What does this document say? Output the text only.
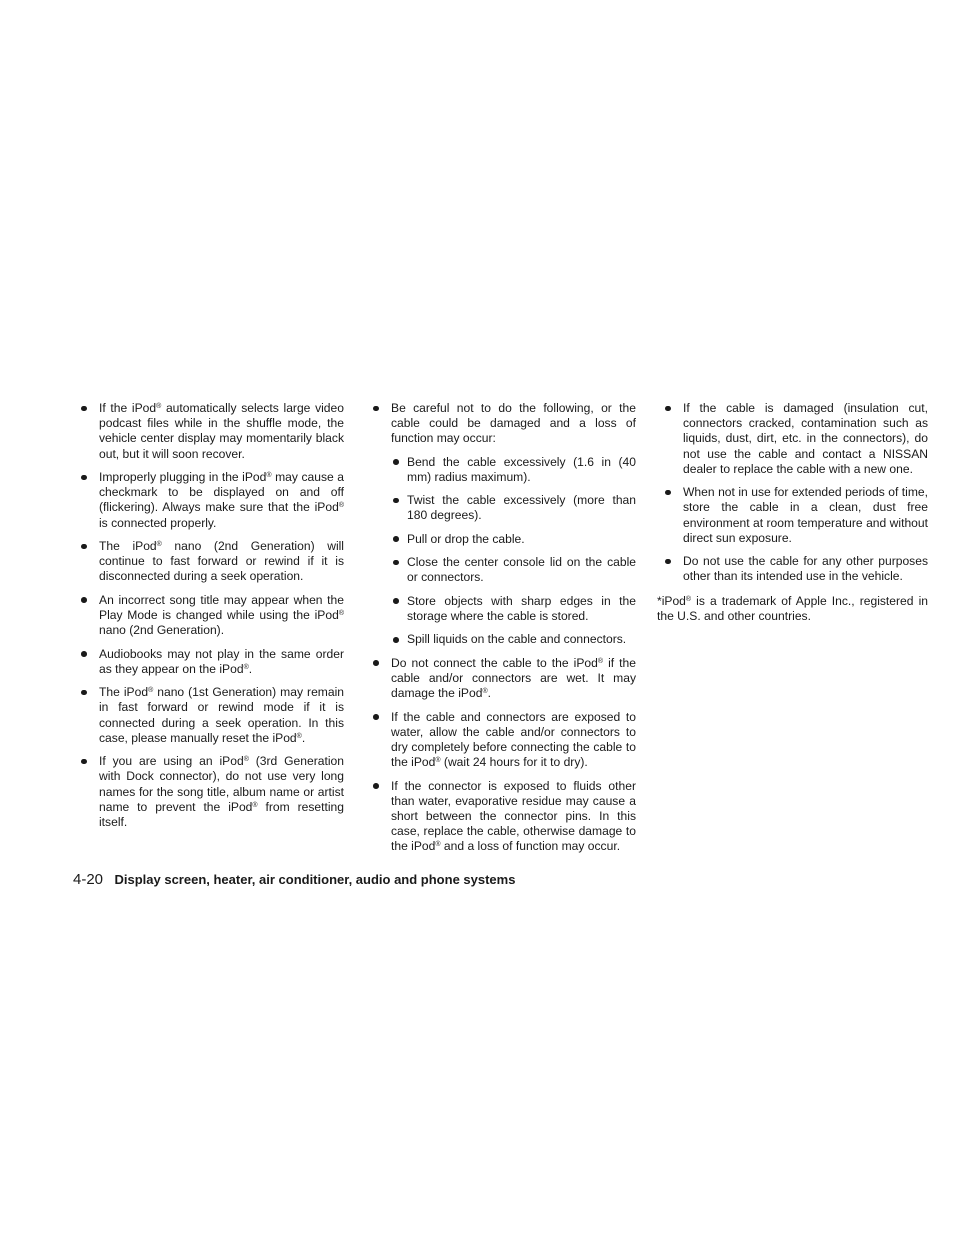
If the iPod® automatically selects large video podcast files while in the shuffle mode, the vehicle center display may momentarily black out, but it will soon recover.
Improperly plugging in the iPod® may cause a checkmark to be displayed on and off (flickering). Always make sure that the iPod® is connected properly.
The iPod® nano (2nd Generation) will continue to fast forward or rewind if it is disconnected during a seek operation.
An incorrect song title may appear when the Play Mode is changed while using the iPod® nano (2nd Generation).
Audiobooks may not play in the same order as they appear on the iPod®.
The iPod® nano (1st Generation) may remain in fast forward or rewind mode if it is connected during a seek operation. In this case, please manually reset the iPod®.
If you are using an iPod® (3rd Generation with Dock connector), do not use very long names for the song title, album name or artist name to prevent the iPod® from resetting itself.
Be careful not to do the following, or the cable could be damaged and a loss of function may occur:
Bend the cable excessively (1.6 in (40 mm) radius maximum).
Twist the cable excessively (more than 180 degrees).
Pull or drop the cable.
Close the center console lid on the cable or connectors.
Store objects with sharp edges in the storage where the cable is stored.
Spill liquids on the cable and connectors.
Do not connect the cable to the iPod® if the cable and/or connectors are wet. It may damage the iPod®.
If the cable and connectors are exposed to water, allow the cable and/or connectors to dry completely before connecting the cable to the iPod® (wait 24 hours for it to dry).
If the connector is exposed to fluids other than water, evaporative residue may cause a short between the connector pins. In this case, replace the cable, otherwise damage to the iPod® and a loss of function may occur.
If the cable is damaged (insulation cut, connectors cracked, contamination such as liquids, dust, dirt, etc. in the connectors), do not use the cable and contact a NISSAN dealer to replace the cable with a new one.
When not in use for extended periods of time, store the cable in a clean, dust free environment at room temperature and without direct sun exposure.
Do not use the cable for any other purposes other than its intended use in the vehicle.
*iPod® is a trademark of Apple Inc., registered in the U.S. and other countries.
4-20 Display screen, heater, air conditioner, audio and phone systems
